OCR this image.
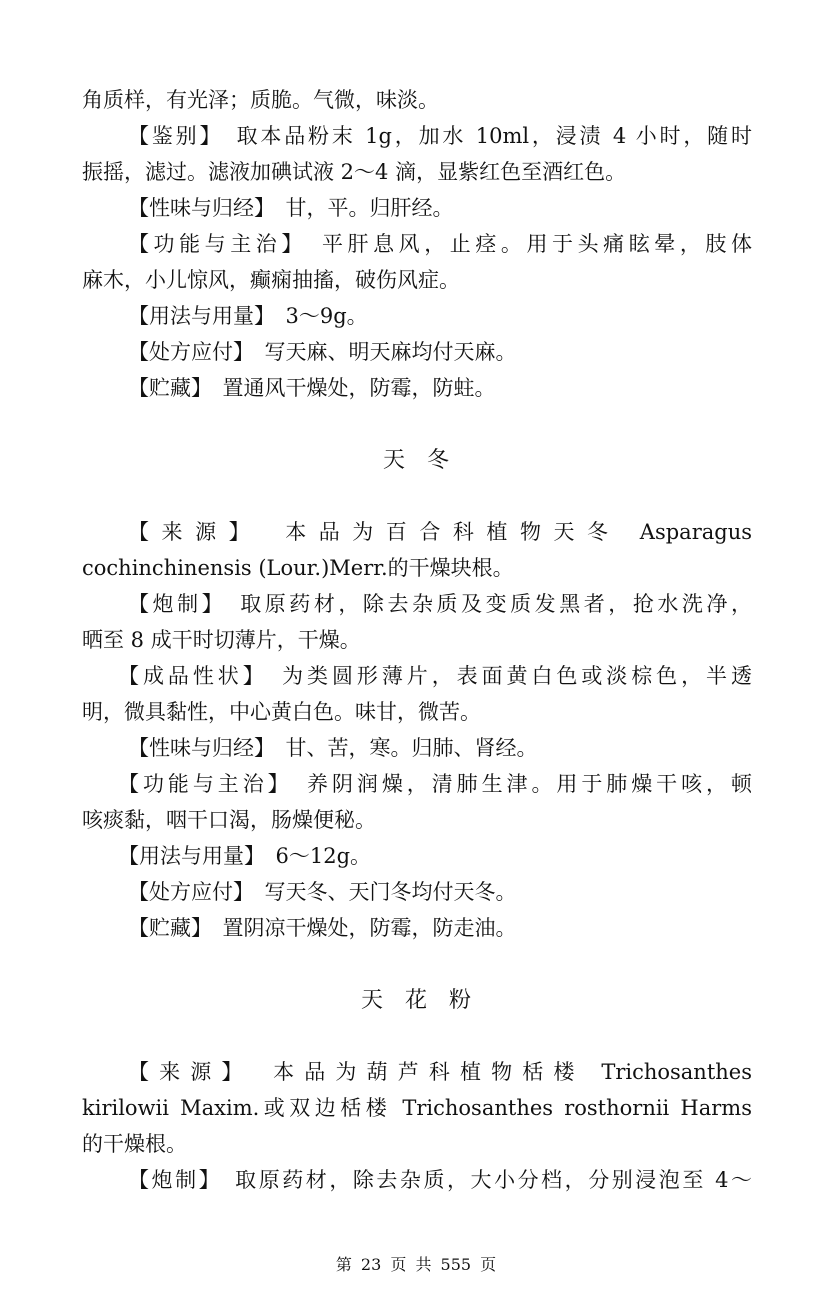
角质样，有光泽；质脆。气微，味淡。
【鉴别】　取本品粉末 1g，加水 10ml，浸渍 4 小时，随时
振摇，滤过。滤液加碘试液 2～4 滴，显紫红色至酒红色。
【性味与归经】　甘，平。归肝经。
【功能与主治】　平肝息风，止痉。用于头痛眩晕，肢体
麻木，小儿惊风，癫痫抽搐，破伤风症。
【用法与用量】　3～9g。
【处方应付】　写天麻、明天麻均付天麻。
【贮藏】　置通风干燥处，防霉，防蛀。
天　冬
【来源】　本品为百合科植物天冬 Asparagus
cochinchinensis (Lour.)Merr.的干燥块根。
【炮制】　取原药材，除去杂质及变质发黑者，抢水洗净，
晒至 8 成干时切薄片，干燥。
【成品性状】　为类圆形薄片，表面黄白色或淡棕色，半透
明，微具黏性，中心黄白色。味甘，微苦。
【性味与归经】　甘、苦，寒。归肺、肾经。
【功能与主治】　养阴润燥，清肺生津。用于肺燥干咳，顿
咳痰黏，咽干口渴，肠燥便秘。
【用法与用量】　6～12g。
【处方应付】　写天冬、天门冬均付天冬。
【贮藏】　置阴凉干燥处，防霉，防走油。
天　花　粉
【来源】　本品为葫芦科植物栝楼 Trichosanthes
kirilowii Maxim.或双边栝楼 Trichosanthes rosthornii Harms
的干燥根。
【炮制】　取原药材，除去杂质，大小分档，分别浸泡至 4～
第 23 页 共 555 页
